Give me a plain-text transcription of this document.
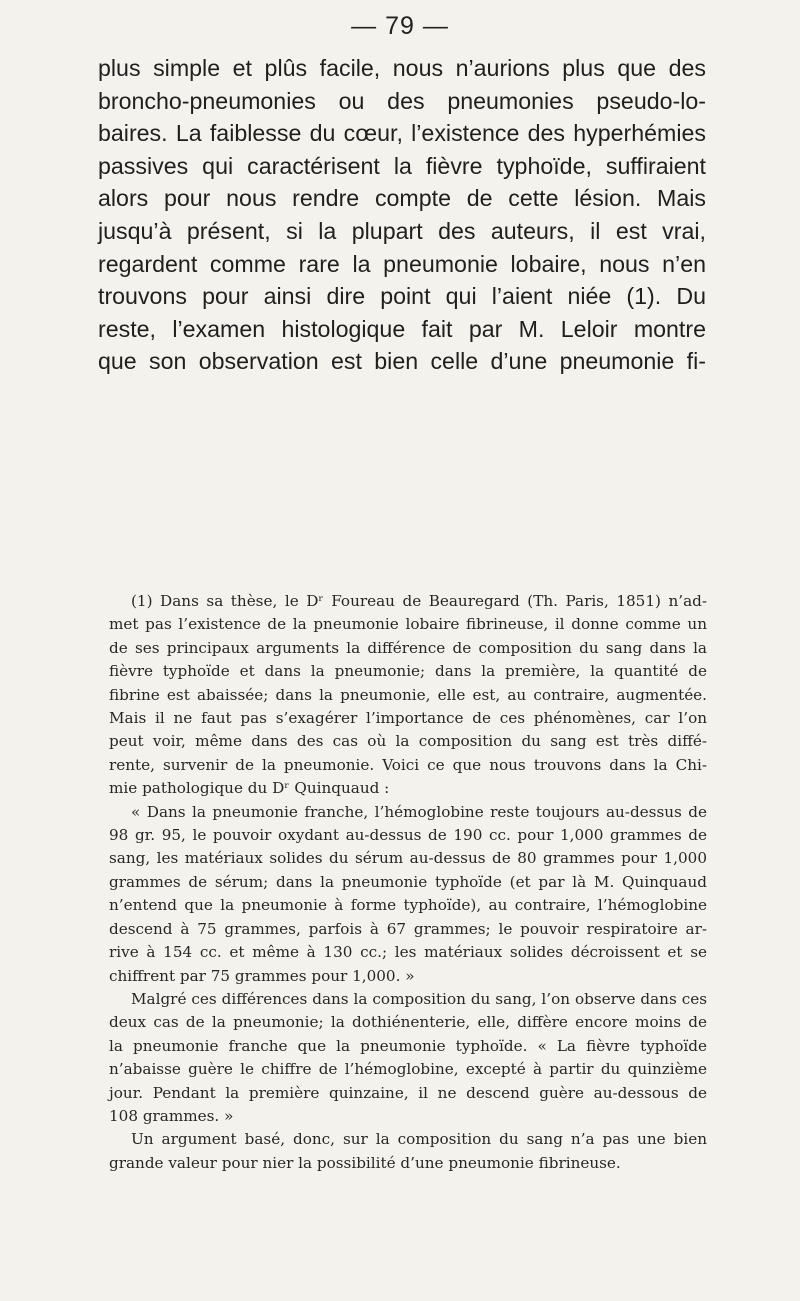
— 79 —
plus simple et plûs facile, nous n’aurions plus que des
broncho-pneumonies ou des pneumonies pseudo-lo-
baires. La faiblesse du cœur, l’existence des hyperhémies
passives qui caractérisent la fièvre typhoïde, suffiraient
alors pour nous rendre compte de cette lésion. Mais
jusqu’à présent, si la plupart des auteurs, il est vrai,
regardent comme rare la pneumonie lobaire, nous n’en
trouvons pour ainsi dire point qui l’aient niée (1). Du
reste, l’examen histologique fait par M. Leloir montre
que son observation est bien celle d’une pneumonie fi-
(1) Dans sa thèse, le Dʳ Foureau de Beauregard (Th. Paris, 1851) n’ad-
met pas l’existence de la pneumonie lobaire fibrineuse, il donne comme un
de ses principaux arguments la différence de composition du sang dans la
fièvre typhoïde et dans la pneumonie; dans la première, la quantité de
fibrine est abaissée; dans la pneumonie, elle est, au contraire, augmentée.
Mais il ne faut pas s’exagérer l’importance de ces phénomènes, car l’on
peut voir, même dans des cas où la composition du sang est très diffé-
rente, survenir de la pneumonie. Voici ce que nous trouvons dans la Chi-
mie pathologique du Dʳ Quinquaud :
« Dans la pneumonie franche, l’hémoglobine reste toujours au-dessus de
98 gr. 95, le pouvoir oxydant au-dessus de 190 cc. pour 1,000 grammes de
sang, les matériaux solides du sérum au-dessus de 80 grammes pour 1,000
grammes de sérum; dans la pneumonie typhoïde (et par là M. Quinquaud
n’entend que la pneumonie à forme typhoïde), au contraire, l’hémoglobine
descend à 75 grammes, parfois à 67 grammes; le pouvoir respiratoire ar-
rive à 154 cc. et même à 130 cc.; les matériaux solides décroissent et se
chiffrent par 75 grammes pour 1,000. »
Malgré ces différences dans la composition du sang, l’on observe dans ces
deux cas de la pneumonie; la dothiénenterie, elle, diffère encore moins de
la pneumonie franche que la pneumonie typhoïde. « La fièvre typhoïde
n’abaisse guère le chiffre de l’hémoglobine, excepté à partir du quinzième
jour. Pendant la première quinzaine, il ne descend guère au-dessous de
108 grammes. »
Un argument basé, donc, sur la composition du sang n’a pas une bien
grande valeur pour nier la possibilité d’une pneumonie fibrineuse.
